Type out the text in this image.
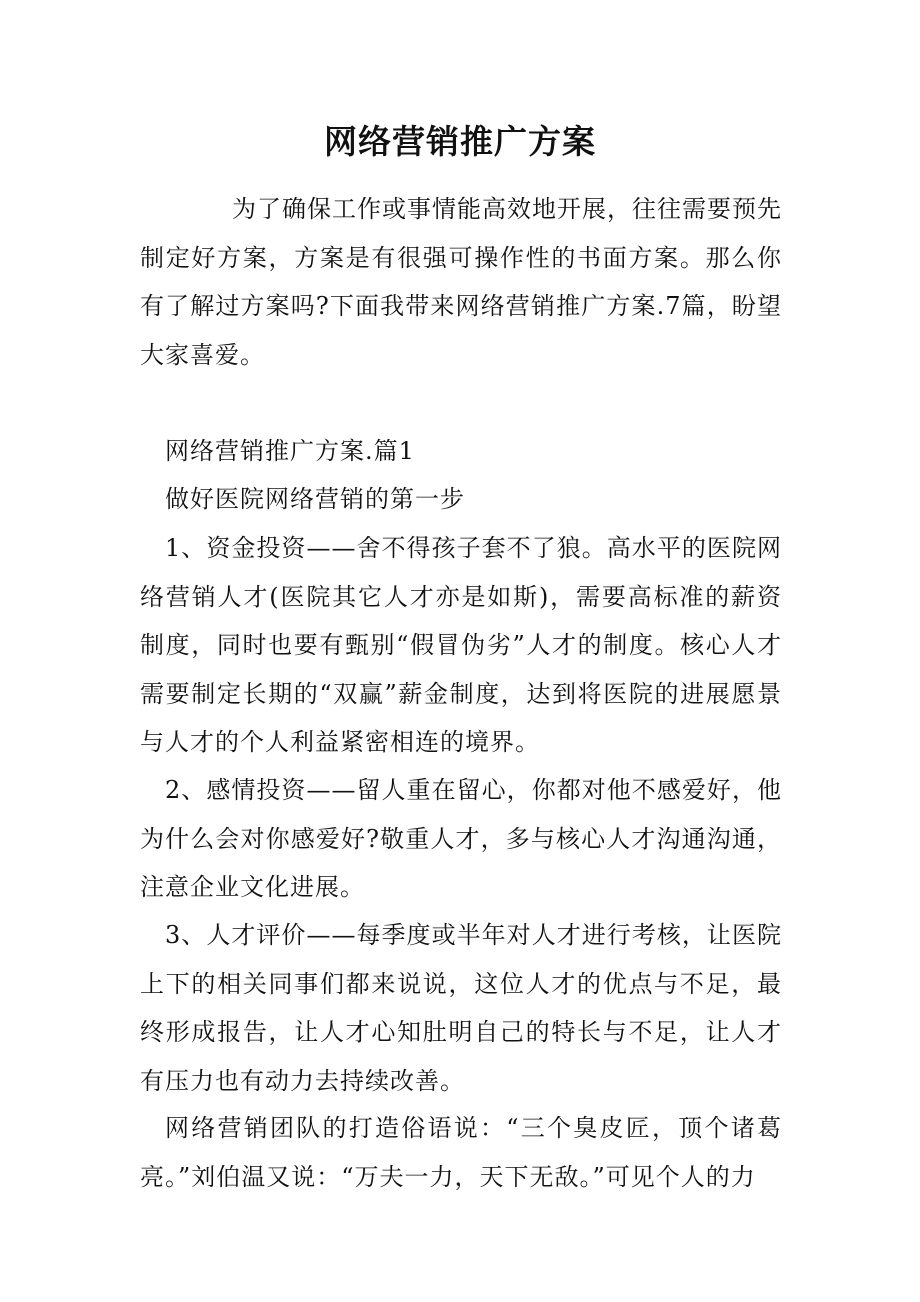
网络营销推广方案

为了确保工作或事情能高效地开展，往往需要预先制定好方案，方案是有很强可操作性的书面方案。那么你有了解过方案吗?下面我带来网络营销推广方案.7篇，盼望大家喜爱。

网络营销推广方案.篇1

做好医院网络营销的第一步

1、资金投资——舍不得孩子套不了狼。高水平的医院网络营销人才(医院其它人才亦是如斯)，需要高标准的薪资制度，同时也要有甄别“假冒伪劣”人才的制度。核心人才需要制定长期的“双赢”薪金制度，达到将医院的进展愿景与人才的个人利益紧密相连的境界。

2、感情投资——留人重在留心，你都对他不感爱好，他为什么会对你感爱好?敬重人才，多与核心人才沟通沟通，注意企业文化进展。

3、人才评价——每季度或半年对人才进行考核，让医院上下的相关同事们都来说说，这位人才的优点与不足，最终形成报告，让人才心知肚明自己的特长与不足，让人才有压力也有动力去持续改善。

网络营销团队的打造俗语说：“三个臭皮匠，顶个诸葛亮。”刘伯温又说：“万夫一力，天下无敌。”可见个人的力
